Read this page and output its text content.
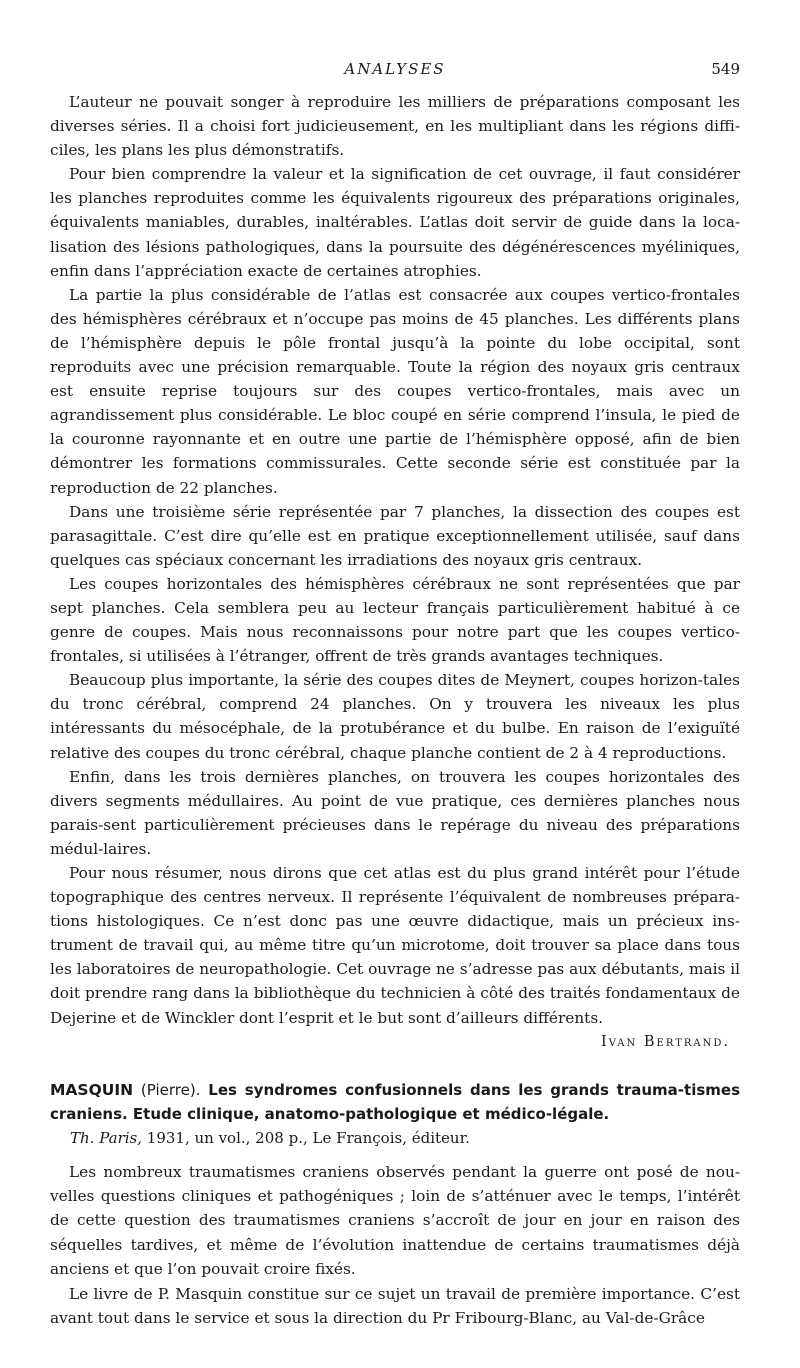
ANALYSES	549

L’auteur ne pouvait songer à reproduire les milliers de préparations composant les diverses séries. Il a choisi fort judicieusement, en les multipliant dans les régions diffi-ciles, les plans les plus démonstratifs.

Pour bien comprendre la valeur et la signification de cet ouvrage, il faut considérer les planches reproduites comme les équivalents rigoureux des préparations originales, équivalents maniables, durables, inaltérables. L’atlas doit servir de guide dans la loca-lisation des lésions pathologiques, dans la poursuite des dégénérescences myéliniques, enfin dans l’appréciation exacte de certaines atrophies.

La partie la plus considérable de l’atlas est consacrée aux coupes vertico-frontales des hémisphères cérébraux et n’occupe pas moins de 45 planches. Les différents plans de l’hémisphère depuis le pôle frontal jusqu’à la pointe du lobe occipital, sont reproduits avec une précision remarquable. Toute la région des noyaux gris centraux est ensuite reprise toujours sur des coupes vertico-frontales, mais avec un agrandissement plus considérable. Le bloc coupé en série comprend l’insula, le pied de la couronne rayonnante et en outre une partie de l’hémisphère opposé, afin de bien démontrer les formations commissurales. Cette seconde série est constituée par la reproduction de 22 planches.

Dans une troisième série représentée par 7 planches, la dissection des coupes est parasagittale. C’est dire qu’elle est en pratique exceptionnellement utilisée, sauf dans quelques cas spéciaux concernant les irradiations des noyaux gris centraux.

Les coupes horizontales des hémisphères cérébraux ne sont représentées que par sept planches. Cela semblera peu au lecteur français particulièrement habitué à ce genre de coupes. Mais nous reconnaissons pour notre part que les coupes vertico-frontales, si utilisées à l’étranger, offrent de très grands avantages techniques.

Beaucoup plus importante, la série des coupes dites de Meynert, coupes horizon-tales du tronc cérébral, comprend 24 planches. On y trouvera les niveaux les plus intéressants du mésocéphale, de la protubérance et du bulbe. En raison de l’exiguïté relative des coupes du tronc cérébral, chaque planche contient de 2 à 4 reproductions.

Enfin, dans les trois dernières planches, on trouvera les coupes horizontales des divers segments médullaires. Au point de vue pratique, ces dernières planches nous parais-sent particulièrement précieuses dans le repérage du niveau des préparations médul-laires.

Pour nous résumer, nous dirons que cet atlas est du plus grand intérêt pour l’étude topographique des centres nerveux. Il représente l’équivalent de nombreuses prépara-tions histologiques. Ce n’est donc pas une œuvre didactique, mais un précieux ins-trument de travail qui, au même titre qu’un microtome, doit trouver sa place dans tous les laboratoires de neuropathologie. Cet ouvrage ne s’adresse pas aux débutants, mais il doit prendre rang dans la bibliothèque du technicien à côté des traités fondamentaux de Dejerine et de Winckler dont l’esprit et le but sont d’ailleurs différents.

Ivan Bertrand.

MASQUIN (Pierre). Les syndromes confusionnels dans les grands trauma-tismes craniens. Etude clinique, anatomo-pathologique et médico-légale.

Th. Paris, 1931, un vol., 208 p., Le François, éditeur.

Les nombreux traumatismes craniens observés pendant la guerre ont posé de nou-velles questions cliniques et pathogéniques ; loin de s’atténuer avec le temps, l’intérêt de cette question des traumatismes craniens s’accroît de jour en jour en raison des séquelles tardives, et même de l’évolution inattendue de certains traumatismes déjà anciens et que l’on pouvait croire fixés.

Le livre de P. Masquin constitue sur ce sujet un travail de première importance. C’est avant tout dans le service et sous la direction du Pr Fribourg-Blanc, au Val-de-Grâce
